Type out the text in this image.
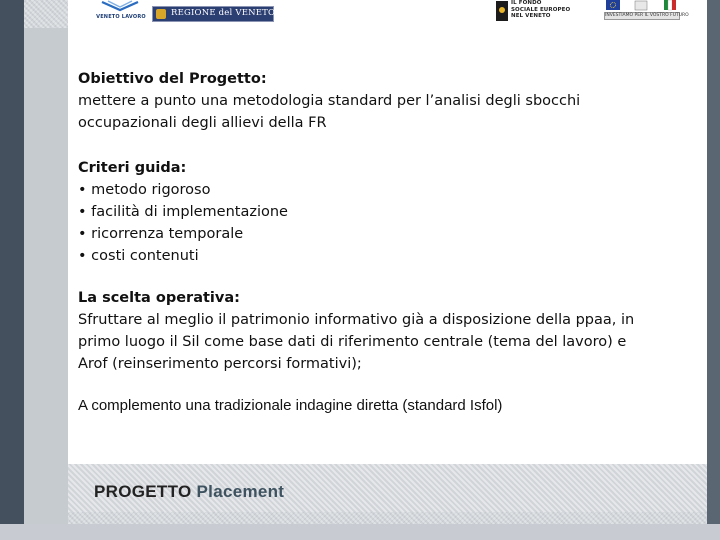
VENETO LAVORO	REGIONE del VENETO
IL FONDO
SOCIALE EUROPEO
NEL VENETO	INVESTIAMO PER IL VOSTRO FUTURO
Obiettivo del Progetto:
mettere a punto una metodologia standard per l’analisi degli sbocchi
occupazionali degli allievi della FR
Criteri guida:
• metodo rigoroso
• facilità di implementazione
• ricorrenza temporale
• costi contenuti
La scelta operativa:
Sfruttare al meglio il patrimonio informativo già a disposizione della ppaa, in
primo luogo il Sil come base dati di riferimento centrale (tema del lavoro) e
Arof (reinserimento percorsi formativi);
A complemento una tradizionale indagine diretta (standard Isfol)
PROGETTO Placement
